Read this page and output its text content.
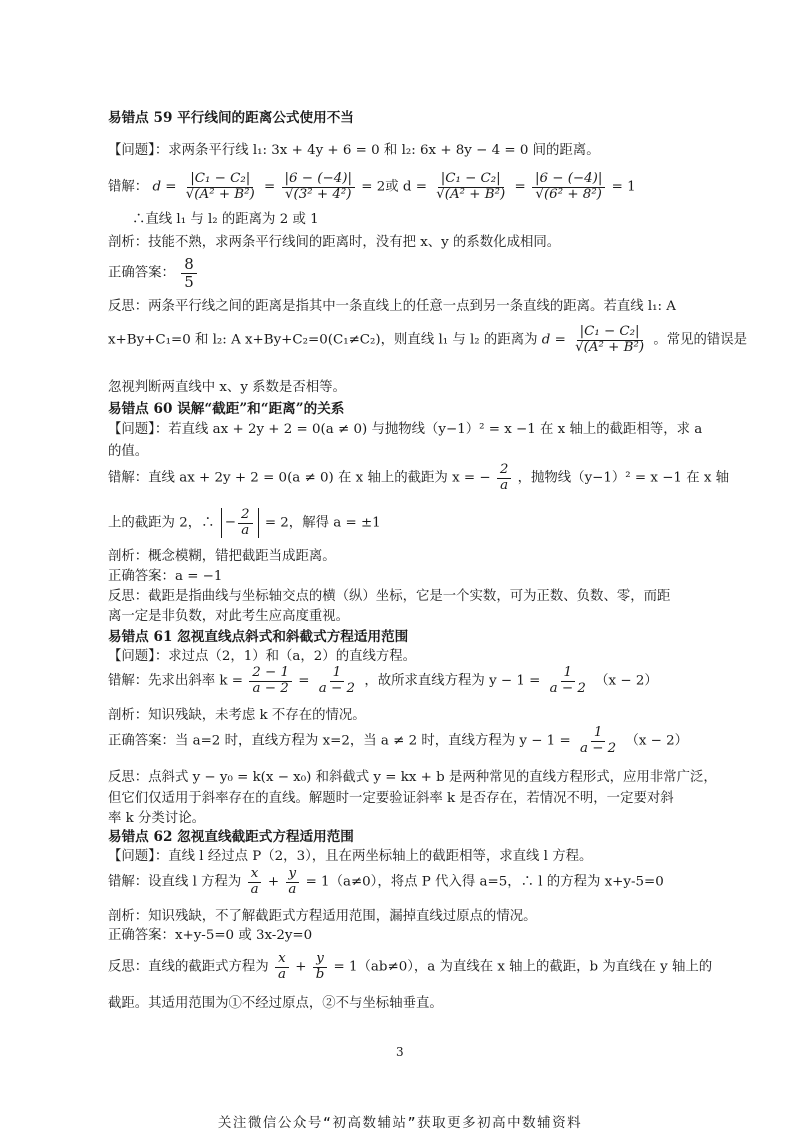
易错点 59 平行线间的距离公式使用不当
【问题】：求两条平行线 l₁: 3x + 4y + 6 = 0 和 l₂: 6x + 8y − 4 = 0 间的距离。
错解： $d = \frac{\text{|C₁ − C₂|}}{\text{√(A² + B²)}} = \frac{|6 - (-4)|}{\text{√(3² + 4²)}} = 2$或 $d = \frac{\text{|C₁ − C₂|}}{\text{√(A² + B²)}} = \frac{|6 - (-4)|}{\text{√(6² + 8²)}} = 1$
∴直线 l₁ 与 l₂ 的距离为 2 或 1
剖析：技能不熟，求两条平行线间的距离时，没有把 x、y 的系数化成相同。
正确答案： $\frac{8}{5}$
反思：两条平行线之间的距离是指其中一条直线上的任意一点到另一条直线的距离。若直线 l₁: A
x+By+C₁=0 和 l₂: A x+By+C₂=0(C₁≠C₂)，则直线 l₁ 与 l₂ 的距离为 $d = \frac{\text{|C₁ − C₂|}}{\text{√(A² + B²)}}$ 。常见的错误是
忽视判断两直线中 x、y 系数是否相等。
易错点 60 误解“截距”和“距离”的关系
【问题】：若直线 ax + 2y + 2 = 0(a ≠ 0) 与抛物线（y−1）² = x −1 在 x 轴上的截距相等，求 a
的值。
错解：直线 ax + 2y + 2 = 0(a ≠ 0) 在 x 轴上的截距为 x = − $\frac{2}{a}$ ，抛物线（y−1）² = x −1 在 x 轴
上的截距为 2，∴ − $\frac{2}{a} = 2$，解得 a = ±1
剖析：概念模糊，错把截距当成距离。
正确答案：a = −1
反思：截距是指曲线与坐标轴交点的横（纵）坐标，它是一个实数，可为正数、负数、零，而距
离一定是非负数，对此考生应高度重视。
易错点 61 忽视直线点斜式和斜截式方程适用范围
【问题】：求过点（2，1）和（a，2）的直线方程。
错解：先求出斜率 $k = \frac{2 - 1}{a - 2} = \frac{1}{a - 2}$ ，故所求直线方程为 $y - 1 = \frac{1}{a - 2} (x - 2)$
剖析：知识残缺，未考虑 k 不存在的情况。
正确答案：当 a=2 时，直线方程为 x=2，当 a ≠ 2 时，直线方程为 $y - 1 = \frac{1}{a - 2} (x - 2)$
反思：点斜式 y − y₀ = k(x − x₀) 和斜截式 y = kx + b 是两种常见的直线方程形式，应用非常广泛，
但它们仅适用于斜率存在的直线。解题时一定要验证斜率 k 是否存在，若情况不明，一定要对斜
率 k 分类讨论。
易错点 62 忽视直线截距式方程适用范围
【问题】：直线 l 经过点 P（2，3），且在两坐标轴上的截距相等，求直线 l 方程。
错解：设直线 l 方程为 $\frac{x}{a} + \frac{y}{a} = 1(a\ne 0)$，将点 P 代入得 a=5，∴ l 的方程为 x+y-5=0
剖析：知识残缺，不了解截距式方程适用范围，漏掉直线过原点的情况。
正确答案：x+y-5=0 或 3x-2y=0
反思：直线的截距式方程为 $\frac{x}{a} + \frac{y}{b} = 1(ab\ne 0)$，a 为直线在 x 轴上的截距，b 为直线在 y 轴上的
截距。其适用范围为①不经过原点，②不与坐标轴垂直。
3
关注微信公众号“初高数辅站”获取更多初高中数辅资料
